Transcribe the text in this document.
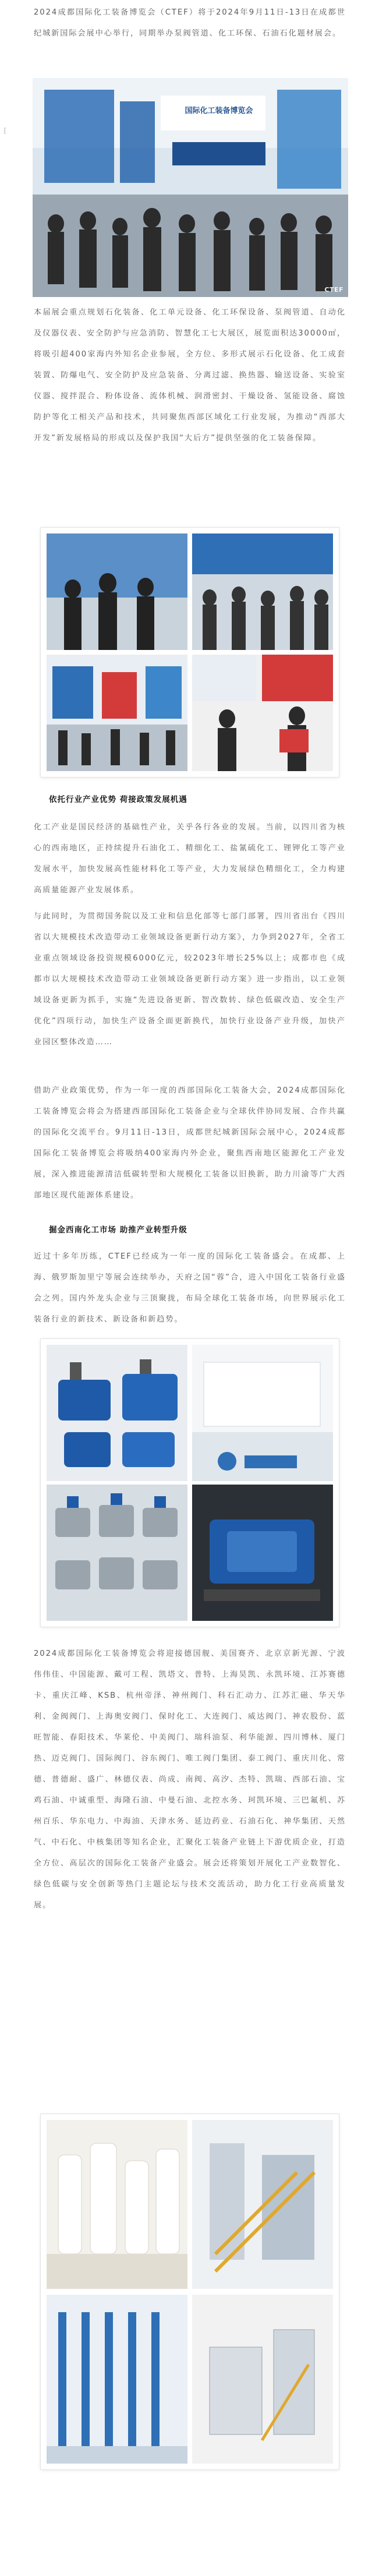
⟦

2024成都国际化工装备博览会（CTEF）将于2024年9月11日-13日在成都世纪城新国际会展中心举行，同期举办泵阀管道、化工环保、石油石化题材展会。

国际化工装备博览会
CTEF

本届展会重点规划石化装备、化工单元设备、化工环保设备、泵阀管道、自动化及仪器仪表、安全防护与应急消防、智慧化工七大展区，展览面积达30000㎡，将吸引超400家海内外知名企业参展，全方位、多形式展示石化设备、化工成套装置、防爆电气、安全防护及应急装备、分离过滤、换热器、输送设备、实验室仪器、搅拌混合、粉体设备、流体机械、润滑密封、干燥设备、氢能设备、腐蚀防护等化工相关产品和技术，共同聚焦西部区域化工行业发展，为推动“西部大开发”新发展格局的形成以及保护我国“大后方”提供坚强的化工装备保障。

依托行业产业优势 荷接政策发展机遇

化工产业是国民经济的基础性产业，关乎各行各业的发展。当前，以四川省为核心的西南地区，正持续提升石油化工、精细化工、盐氰硫化工、锂钾化工等产业发展水平，加快发展高性能材料化工等产业，大力发展绿色精细化工，全力构建高质量能源产业发展体系。

与此同时，为贯彻国务院以及工业和信息化部等七部门部署，四川省出台《四川省以大规模技术改造带动工业领域设备更新行动方案》，力争到2027年，全省工业重点领域设备投资规模6000亿元，较2023年增长25%以上；成都市也《成都市以大规模技术改造带动工业领域设备更新行动方案》进一步指出，以工业领域设备更新为抓手，实施“先进设备更新、智改数转、绿色低碳改造、安全生产优化”四项行动，加快生产设备全面更新换代，加快行业设备产业升级，加快产业园区整体改造……

借助产业政策优势，作为一年一度的西部国际化工装备大会，2024成都国际化工装备博览会将会为搭建西部国际化工装备企业与全球伙伴协同发展、合作共赢的国际化交流平台。9月11日-13日，成都世纪城新国际会展中心，2024成都国际化工装备博览会将吸纳400家海内外企业，聚焦西南地区能源化工产业发展，深入推进能源清洁低碳转型和大规模化工装备以旧换新，助力川渝等广大西部地区现代能源体系建设。

掘金西南化工市场 助推产业转型升级

近过十多年历练，CTEF已经成为一年一度的国际化工装备盛会。在成都、上海、俄罗斯加里宁等展会连续举办，天府之国“蓉”合，进入中国化工装备行业盛会之列。国内外龙头企业与三顶聚拢，布局全球化工装备市场，向世界展示化工装备行业的新技术、新设备和新趋势。

2024成都国际化工装备博览会将迎接德国舰、美国赛齐、北京京新光源、宁波伟伟佳、中国能源、戴可工程、凯塔文、普特、上海昊凯、永凯环境、江苏赛德卡、重庆江峰、KSB、杭州帝泽、神州阀门、科石汇动力、江苏汇磁、华天华利、金阀阀门、上海奥安阀门、保时化工、大连阀门、威达阀门、神农股份、蓝旺智能、春阳技术、华莱伦、中美阀门、瑞科油泵、利华能源、四川博林、厦门热、迈克阀门、国际阀门、谷东阀门、唯工阀门集团、泰工阀门、重庆川化、常德、普德耐、盛广、林德仪表、尚成、南阀、高汐、杰特、凯瑞、西部石油、宝鸡石油、中诚重型、海隆石油、中曼石油、北控水务、珂凯环境、三巴氟机、苏州百乐、华东电力、中海油、天津水务、延边药业、石油石化、神华集团、天然气、中石化、中核集团等知名企业，汇聚化工装备产业链上下游优质企业，打造全方位、高层次的国际化工装备产业盛会。展会还将策划开展化工产业数智化、绿色低碳与安全创新等热门主题论坛与技术交流活动，助力化工行业高质量发展。
